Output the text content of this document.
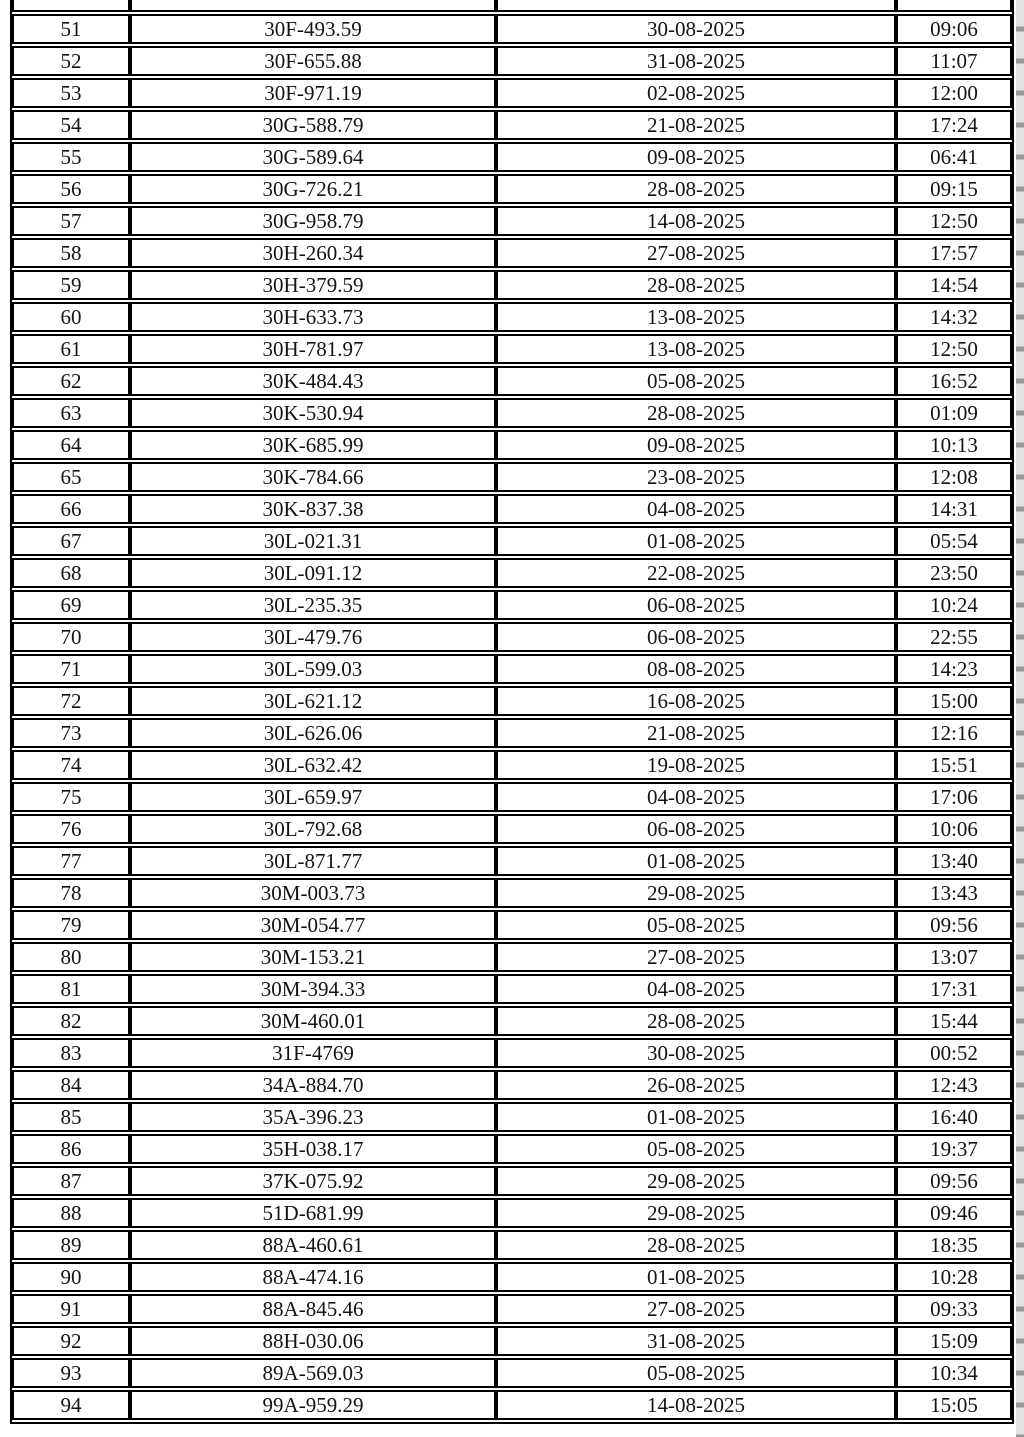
51	30F-493.59	30-08-2025	09:06
52	30F-655.88	31-08-2025	11:07
53	30F-971.19	02-08-2025	12:00
54	30G-588.79	21-08-2025	17:24
55	30G-589.64	09-08-2025	06:41
56	30G-726.21	28-08-2025	09:15
57	30G-958.79	14-08-2025	12:50
58	30H-260.34	27-08-2025	17:57
59	30H-379.59	28-08-2025	14:54
60	30H-633.73	13-08-2025	14:32
61	30H-781.97	13-08-2025	12:50
62	30K-484.43	05-08-2025	16:52
63	30K-530.94	28-08-2025	01:09
64	30K-685.99	09-08-2025	10:13
65	30K-784.66	23-08-2025	12:08
66	30K-837.38	04-08-2025	14:31
67	30L-021.31	01-08-2025	05:54
68	30L-091.12	22-08-2025	23:50
69	30L-235.35	06-08-2025	10:24
70	30L-479.76	06-08-2025	22:55
71	30L-599.03	08-08-2025	14:23
72	30L-621.12	16-08-2025	15:00
73	30L-626.06	21-08-2025	12:16
74	30L-632.42	19-08-2025	15:51
75	30L-659.97	04-08-2025	17:06
76	30L-792.68	06-08-2025	10:06
77	30L-871.77	01-08-2025	13:40
78	30M-003.73	29-08-2025	13:43
79	30M-054.77	05-08-2025	09:56
80	30M-153.21	27-08-2025	13:07
81	30M-394.33	04-08-2025	17:31
82	30M-460.01	28-08-2025	15:44
83	31F-4769	30-08-2025	00:52
84	34A-884.70	26-08-2025	12:43
85	35A-396.23	01-08-2025	16:40
86	35H-038.17	05-08-2025	19:37
87	37K-075.92	29-08-2025	09:56
88	51D-681.99	29-08-2025	09:46
89	88A-460.61	28-08-2025	18:35
90	88A-474.16	01-08-2025	10:28
91	88A-845.46	27-08-2025	09:33
92	88H-030.06	31-08-2025	15:09
93	89A-569.03	05-08-2025	10:34
94	99A-959.29	14-08-2025	15:05
